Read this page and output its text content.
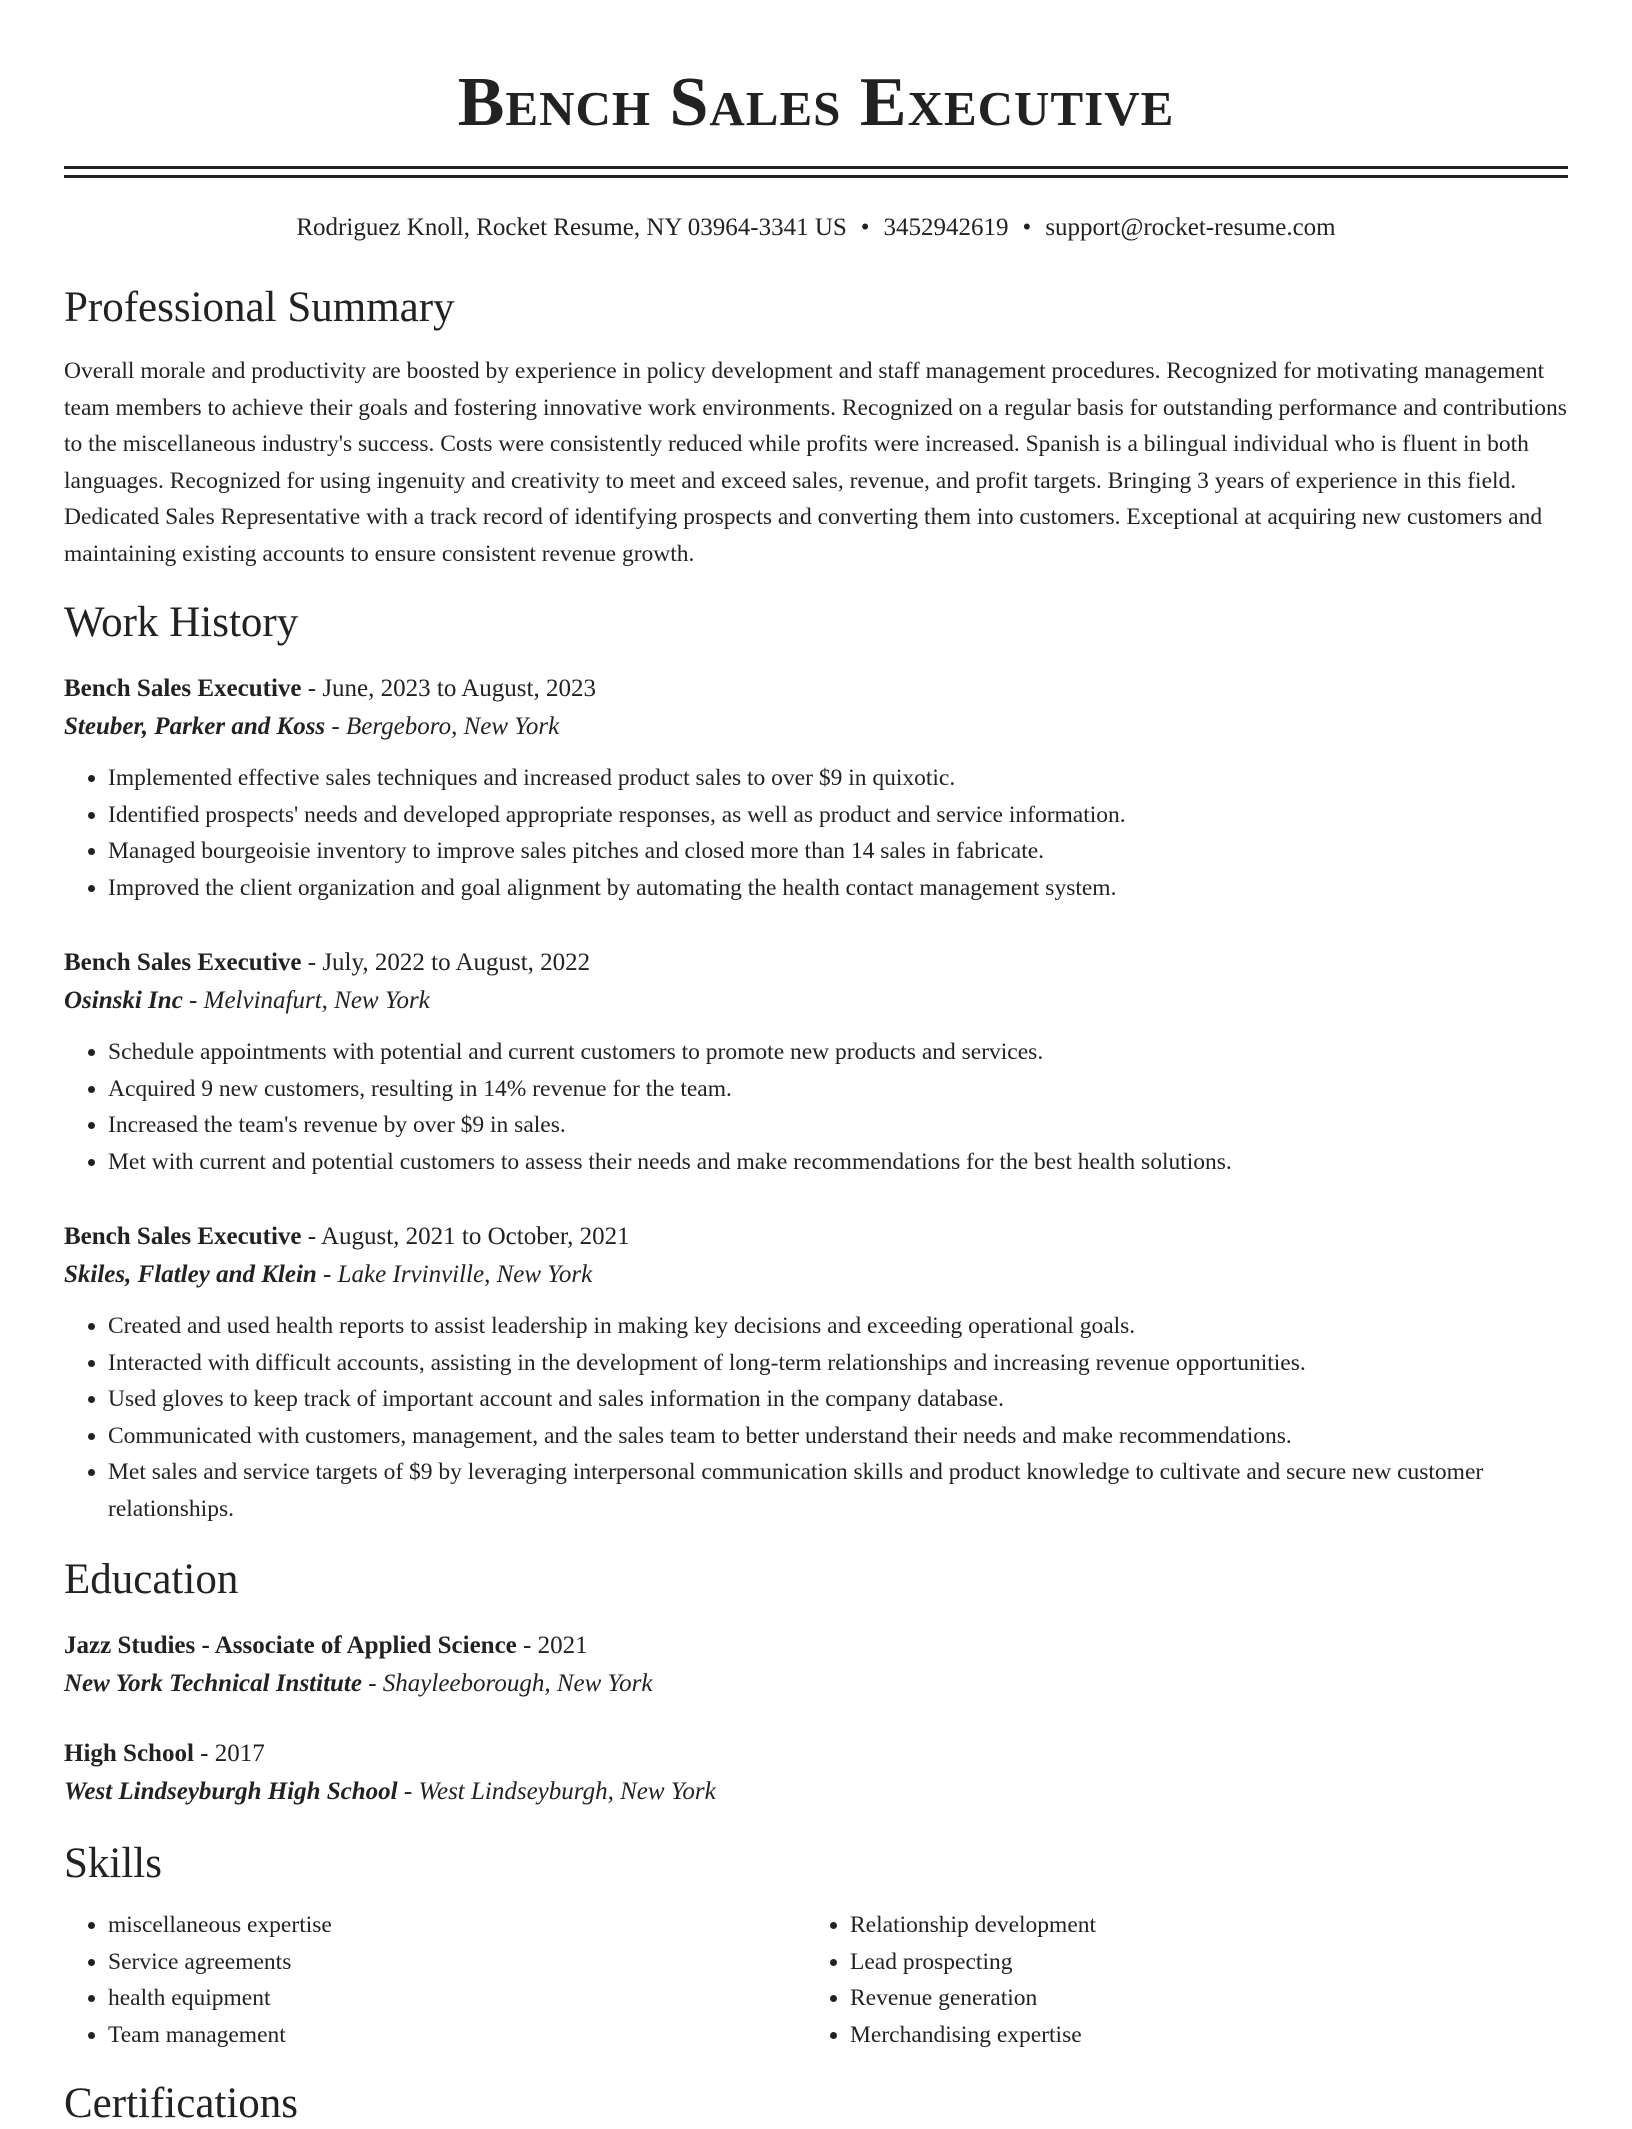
Bench Sales Executive
Rodriguez Knoll, Rocket Resume, NY 03964-3341 US • 3452942619 • support@rocket-resume.com
Professional Summary
Overall morale and productivity are boosted by experience in policy development and staff management procedures. Recognized for motivating management team members to achieve their goals and fostering innovative work environments. Recognized on a regular basis for outstanding performance and contributions to the miscellaneous industry's success. Costs were consistently reduced while profits were increased. Spanish is a bilingual individual who is fluent in both languages. Recognized for using ingenuity and creativity to meet and exceed sales, revenue, and profit targets. Bringing 3 years of experience in this field. Dedicated Sales Representative with a track record of identifying prospects and converting them into customers. Exceptional at acquiring new customers and maintaining existing accounts to ensure consistent revenue growth.
Work History
Bench Sales Executive - June, 2023 to August, 2023
Steuber, Parker and Koss - Bergeboro, New York
• Implemented effective sales techniques and increased product sales to over $9 in quixotic.
• Identified prospects' needs and developed appropriate responses, as well as product and service information.
• Managed bourgeoisie inventory to improve sales pitches and closed more than 14 sales in fabricate.
• Improved the client organization and goal alignment by automating the health contact management system.
Bench Sales Executive - July, 2022 to August, 2022
Osinski Inc - Melvinafurt, New York
• Schedule appointments with potential and current customers to promote new products and services.
• Acquired 9 new customers, resulting in 14% revenue for the team.
• Increased the team's revenue by over $9 in sales.
• Met with current and potential customers to assess their needs and make recommendations for the best health solutions.
Bench Sales Executive - August, 2021 to October, 2021
Skiles, Flatley and Klein - Lake Irvinville, New York
• Created and used health reports to assist leadership in making key decisions and exceeding operational goals.
• Interacted with difficult accounts, assisting in the development of long-term relationships and increasing revenue opportunities.
• Used gloves to keep track of important account and sales information in the company database.
• Communicated with customers, management, and the sales team to better understand their needs and make recommendations.
• Met sales and service targets of $9 by leveraging interpersonal communication skills and product knowledge to cultivate and secure new customer relationships.
Education
Jazz Studies - Associate of Applied Science - 2021
New York Technical Institute - Shayleeborough, New York
High School - 2017
West Lindseyburgh High School - West Lindseyburgh, New York
Skills
• miscellaneous expertise
• Service agreements
• health equipment
• Team management
• Relationship development
• Lead prospecting
• Revenue generation
• Merchandising expertise
Certifications
